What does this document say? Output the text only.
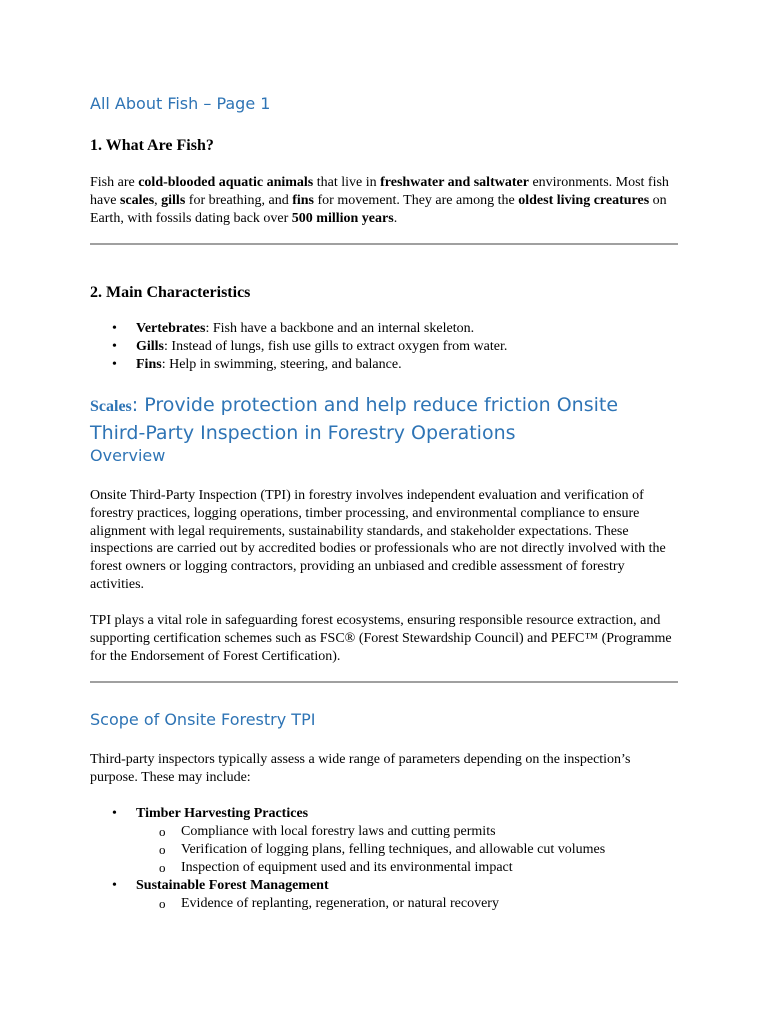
All About Fish – Page 1
1. What Are Fish?

Fish are cold-blooded aquatic animals that live in freshwater and saltwater environments. Most fish have scales, gills for breathing, and fins for movement. They are among the oldest living creatures on Earth, with fossils dating back over 500 million years.

2. Main Characteristics
• Vertebrates: Fish have a backbone and an internal skeleton.
• Gills: Instead of lungs, fish use gills to extract oxygen from water.
• Fins: Help in swimming, steering, and balance.
Scales: Provide protection and help reduce friction Onsite Third-Party Inspection in Forestry Operations
Overview

Onsite Third-Party Inspection (TPI) in forestry involves independent evaluation and verification of forestry practices, logging operations, timber processing, and environmental compliance to ensure alignment with legal requirements, sustainability standards, and stakeholder expectations. These inspections are carried out by accredited bodies or professionals who are not directly involved with the forest owners or logging contractors, providing an unbiased and credible assessment of forestry activities.

TPI plays a vital role in safeguarding forest ecosystems, ensuring responsible resource extraction, and supporting certification schemes such as FSC® (Forest Stewardship Council) and PEFC™ (Programme for the Endorsement of Forest Certification).

Scope of Onsite Forestry TPI

Third-party inspectors typically assess a wide range of parameters depending on the inspection’s purpose. These may include:

• Timber Harvesting Practices
o Compliance with local forestry laws and cutting permits
o Verification of logging plans, felling techniques, and allowable cut volumes
o Inspection of equipment used and its environmental impact
• Sustainable Forest Management
o Evidence of replanting, regeneration, or natural recovery
